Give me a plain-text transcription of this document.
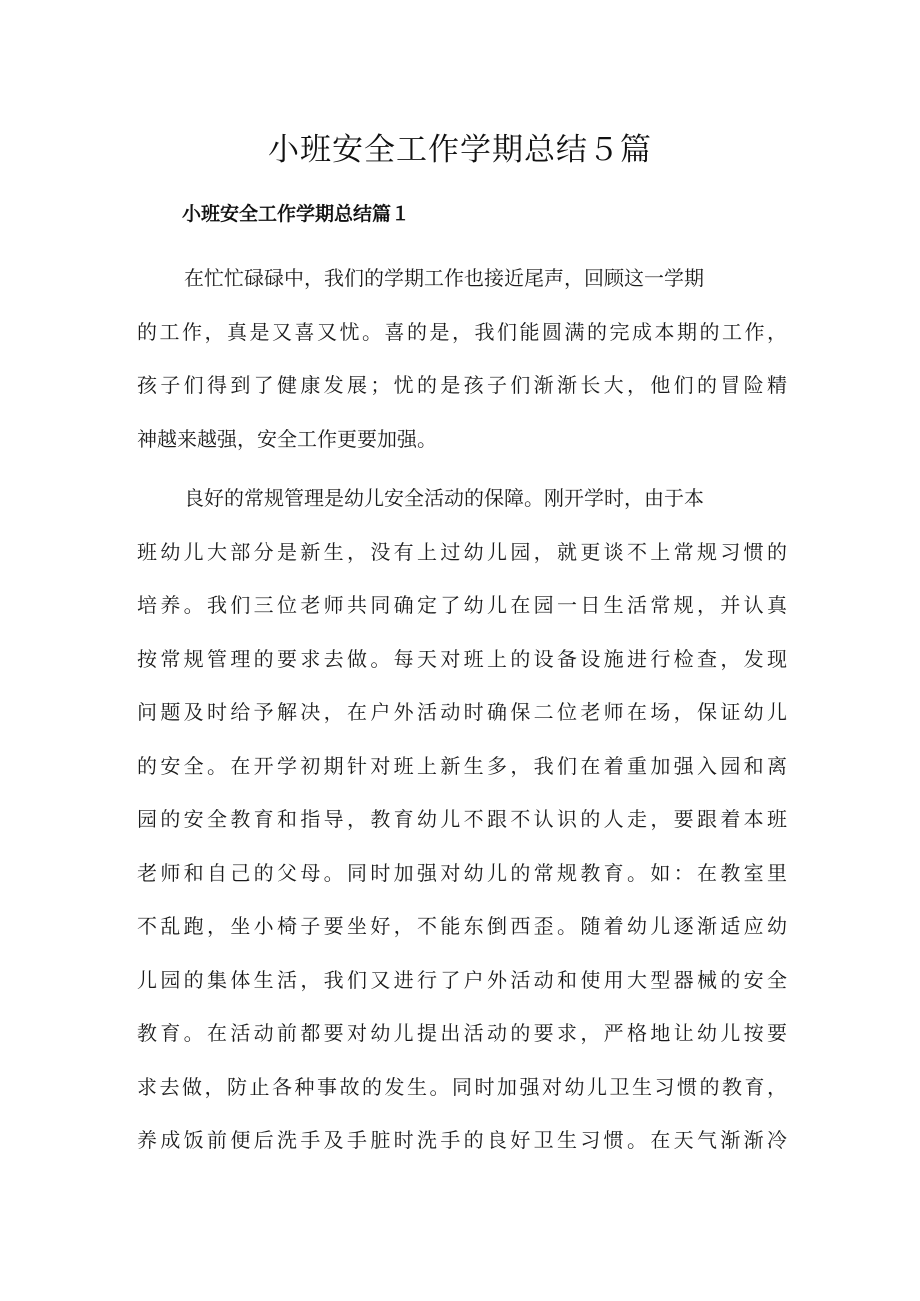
小班安全工作学期总结５篇
小班安全工作学期总结篇１

在忙忙碌碌中，我们的学期工作也接近尾声，回顾这一学期
的工作，真是又喜又忧。喜的是，我们能圆满的完成本期的工作，
孩子们得到了健康发展；忧的是孩子们渐渐长大，他们的冒险精
神越来越强，安全工作更要加强。

良好的常规管理是幼儿安全活动的保障。刚开学时，由于本
班幼儿大部分是新生，没有上过幼儿园，就更谈不上常规习惯的
培养。我们三位老师共同确定了幼儿在园一日生活常规，并认真
按常规管理的要求去做。每天对班上的设备设施进行检查，发现
问题及时给予解决，在户外活动时确保二位老师在场，保证幼儿
的安全。在开学初期针对班上新生多，我们在着重加强入园和离
园的安全教育和指导，教育幼儿不跟不认识的人走，要跟着本班
老师和自己的父母。同时加强对幼儿的常规教育。如：在教室里
不乱跑，坐小椅子要坐好，不能东倒西歪。随着幼儿逐渐适应幼
儿园的集体生活，我们又进行了户外活动和使用大型器械的安全
教育。在活动前都要对幼儿提出活动的要求，严格地让幼儿按要
求去做，防止各种事故的发生。同时加强对幼儿卫生习惯的教育，
养成饭前便后洗手及手脏时洗手的良好卫生习惯。在天气渐渐冷
